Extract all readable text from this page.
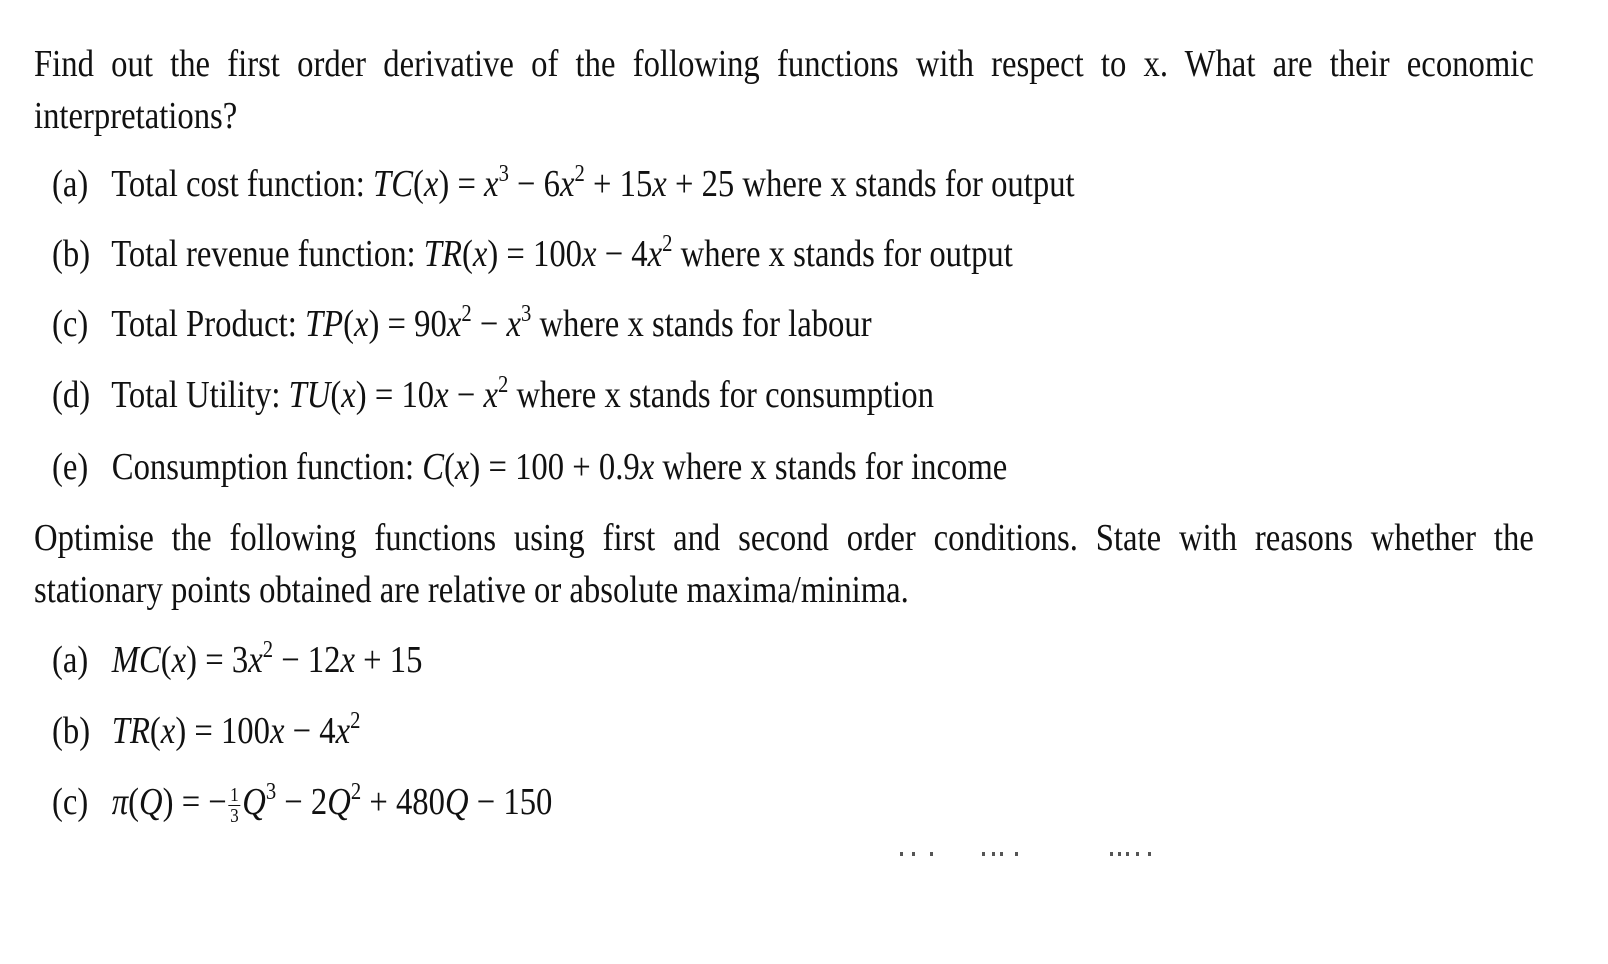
Find out the first order derivative of the following functions with respect to x. What are their economic interpretations?
(a) Total cost function: $TC(x) = x^3 - 6x^2 + 15x + 25$ where x stands for output
(b) Total revenue function: $TR(x) = 100x - 4x^2$ where x stands for output
(c) Total Product: $TP(x) = 90x^2 - x^3$ where x stands for labour
(d) Total Utility: $TU(x) = 10x - x^2$ where x stands for consumption
(e) Consumption function: C(x) = 100 + 0.9x where x stands for income
Optimise the following functions using first and second order conditions. State with reasons whether the stationary points obtained are relative or absolute maxima/minima.
(a) $MC(x) = 3x^2 - 12x + 15$
(b) $TR(x) = 100x - 4x^2$
(c) π(Q) = − $\frac{1}{3} Q^3 - 2Q^2 + 480Q - 150$
